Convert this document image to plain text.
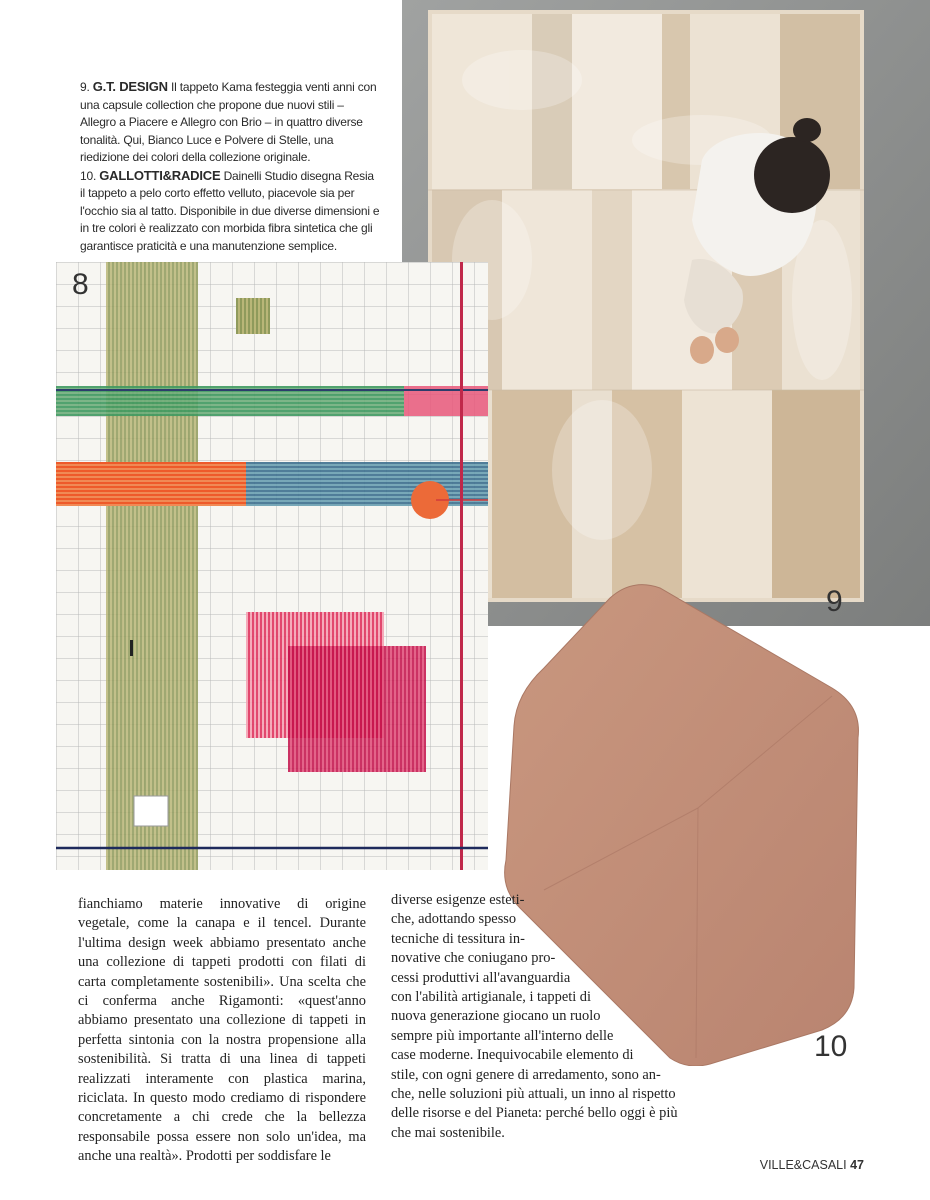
9

9. G.T. DESIGN Il tappeto Kama festeggia venti anni con una capsule collection che propone due nuovi stili – Allegro a Piacere e Allegro con Brio – in quattro diverse tonalità. Qui, Bianco Luce e Polvere di Stelle, una riedizione dei colori della collezione originale.

10. GALLOTTI&RADICE Dainelli Studio disegna Resia il tappeto a pelo corto effetto velluto, piacevole sia per l'occhio sia al tatto. Disponibile in due diverse dimensioni e in tre colori è realizzato con morbida fibra sintetica che gli garantisce praticità e una manutenzione semplice.

8
10
fianchiamo materie innovative di origine vegetale, come la canapa e il tencel. Durante l'ultima design week abbiamo presentato anche una collezione di tappeti prodotti con filati di carta completamente sostenibili». Una scelta che ci conferma anche Rigamonti: «quest'anno abbiamo presentato una collezione di tappeti in perfetta sintonia con la nostra propensione alla sostenibilità. Si tratta di una linea di tappeti realizzati interamente con plastica marina, riciclata. In questo modo crediamo di rispondere concretamente a chi crede che la bellezza responsabile possa essere non solo un'idea, ma anche una realtà». Prodotti per soddisfare le
diverse esigenze esteti-
che, adottando spesso
tecniche di tessitura in-
novative che coniugano pro-
cessi produttivi all'avanguardia
con l'abilità artigianale, i tappeti di
nuova generazione giocano un ruolo
sempre più importante all'interno delle
case moderne. Inequivocabile elemento di
stile, con ogni genere di arredamento, sono an-
che, nelle soluzioni più attuali, un inno al rispetto
delle risorse e del Pianeta: perché bello oggi è più
che mai sostenibile.
VILLE&CASALI 47
